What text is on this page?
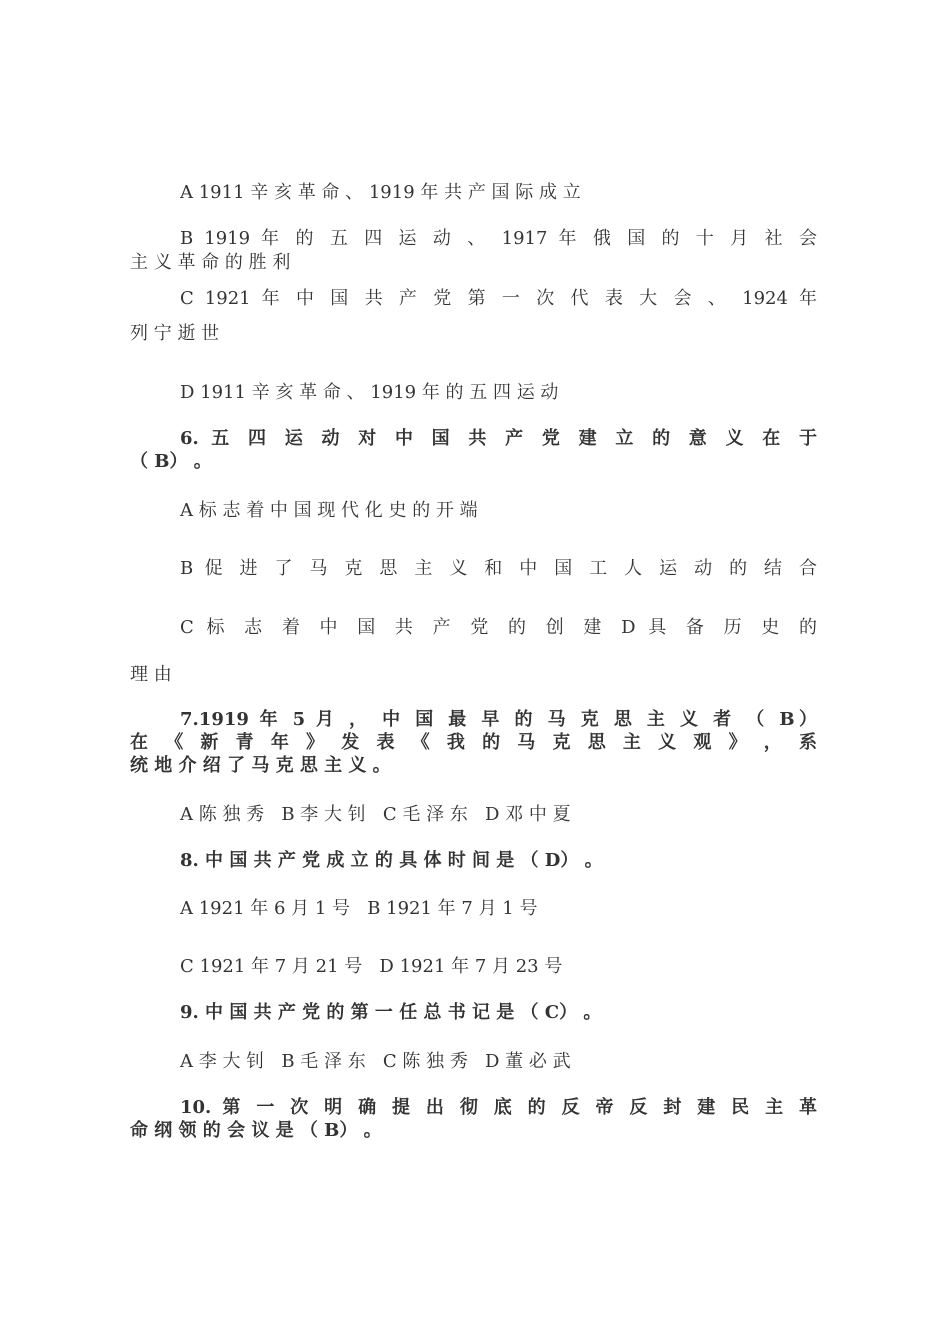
A 1911 辛 亥 革 命 、 1919 年 共 产 国 际 成 立
B 1919 年 的 五 四 运 动 、 1917 年 俄 国 的 十 月 社 会
主 义 革 命 的 胜 利
C 1921 年 中 国 共 产 党 第 一 次 代 表 大 会 、 1924 年
列 宁 逝 世
D 1911 辛 亥 革 命 、 1919 年 的 五 四 运 动
6. 五 四 运 动 对 中 国 共 产 党 建 立 的 意 义 在 于
（ B） 。
A 标 志 着 中 国 现 代 化 史 的 开 端
B 促 进 了 马 克 思 主 义 和 中 国 工 人 运 动 的 结 合
C 标 志 着 中 国 共 产 党 的 创 建 D 具 备 历 史 的
理 由
7.1919 年 5 月 ， 中 国 最 早 的 马 克 思 主 义 者 （ B）
在 《 新 青 年 》 发 表 《 我 的 马 克 思 主 义 观 》 ， 系
统 地 介 绍 了 马 克 思 主 义 。
A 陈 独 秀   B 李 大 钊   C 毛 泽 东   D 邓 中 夏
8. 中 国 共 产 党 成 立 的 具 体 时 间 是 （ D） 。
A 1921 年 6 月 1 号   B 1921 年 7 月 1 号
C 1921 年 7 月 21 号   D 1921 年 7 月 23 号
9. 中 国 共 产 党 的 第 一 任 总 书 记 是 （ C） 。
A 李 大 钊   B 毛 泽 东   C 陈 独 秀   D 董 必 武
10. 第 一 次 明 确 提 出 彻 底 的 反 帝 反 封 建 民 主 革
命 纲 领 的 会 议 是 （ B） 。
